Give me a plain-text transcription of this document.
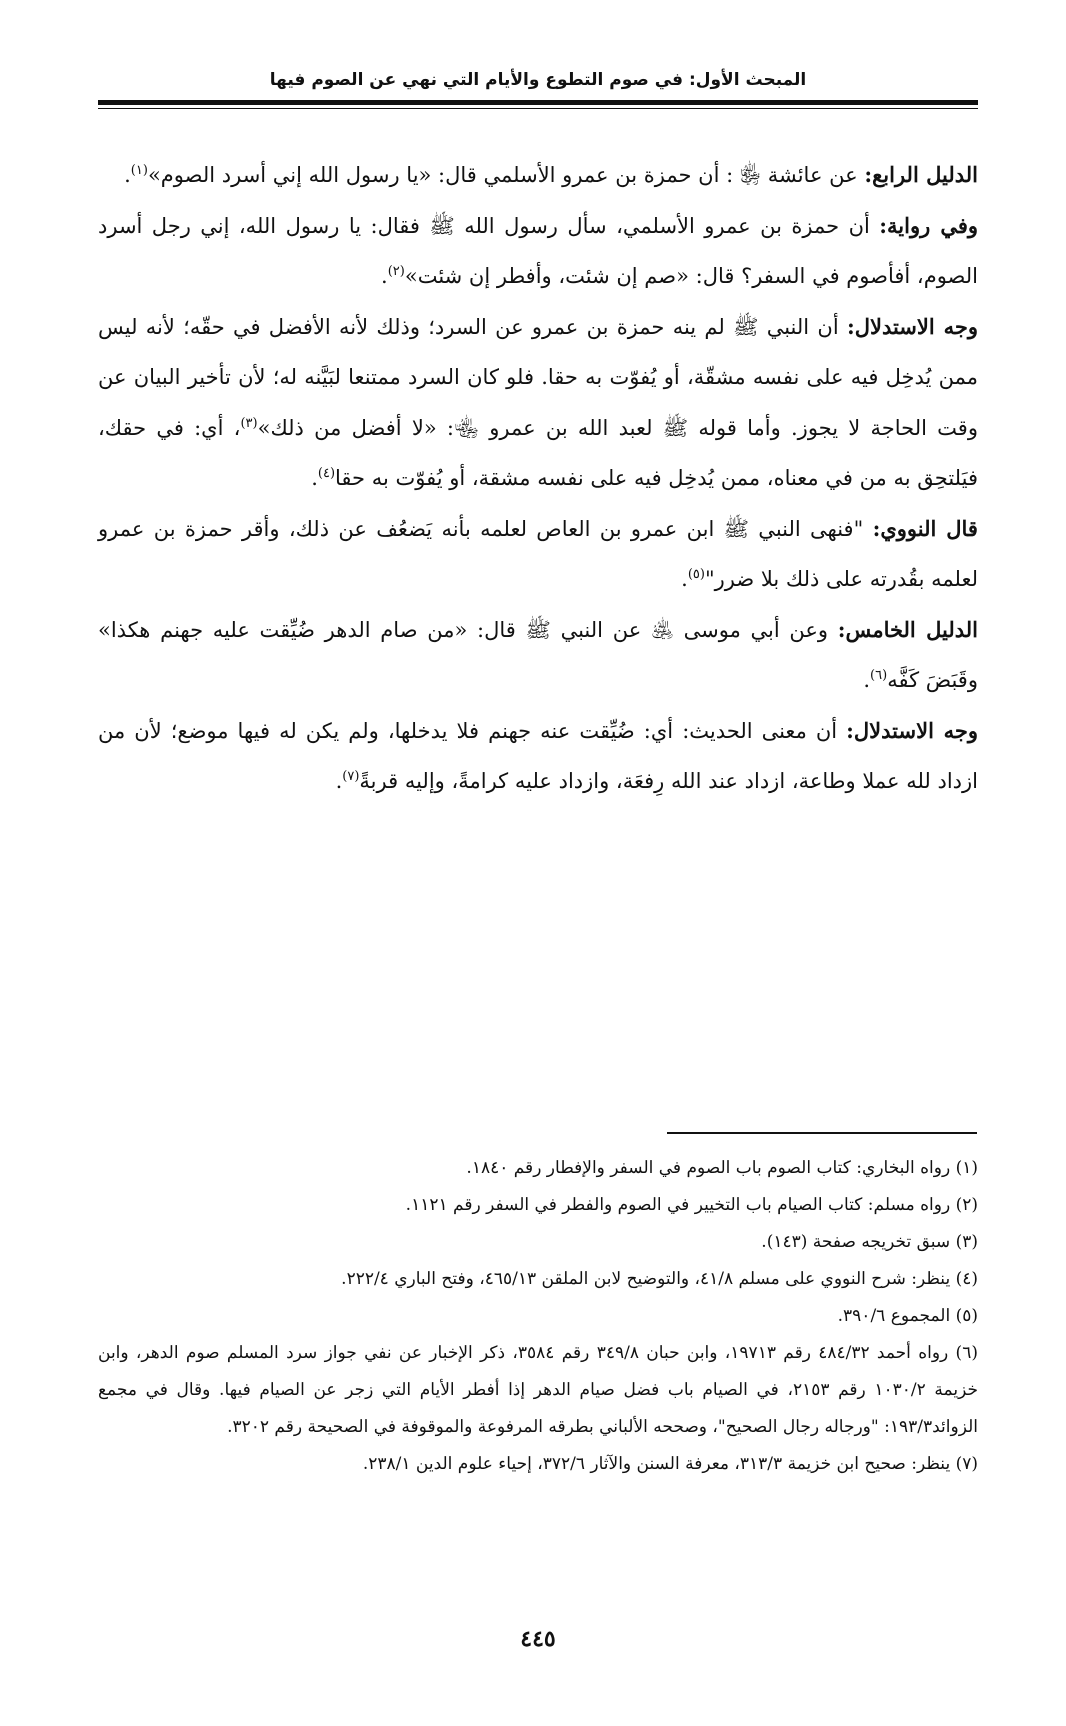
المبحث الأول: في صوم التطوع والأيام التي نهي عن الصوم فيها

الدليل الرابع: عن عائشة ﵂ : أن حمزة بن عمرو الأسلمي قال: «يا رسول الله إني أسرد الصوم»$^{(١)}$.

وفي رواية: أن حمزة بن عمرو الأسلمي، سأل رسول الله ﷺ فقال: يا رسول الله، إني رجل أسرد الصوم، أفأصوم في السفر؟ قال: «صم إن شئت، وأفطر إن شئت»$^{(٢)}$.

وجه الاستدلال: أن النبي ﷺ لم ينه حمزة بن عمرو عن السرد؛ وذلك لأنه الأفضل في حقّه؛ لأنه ليس ممن يُدخِل فيه على نفسه مشقّة، أو يُفوّت به حقا. فلو كان السرد ممتنعا لبَيَّنه له؛ لأن تأخير البيان عن وقت الحاجة لا يجوز. وأما قوله ﷺ لعبد الله بن عمرو ﵄: «لا أفضل من ذلك»$^{(٣)}$، أي: في حقك، فيَلتحِق به من في معناه، ممن يُدخِل فيه على نفسه مشقة، أو يُفوّت به حقا$^{(٤)}$.

قال النووي: "فنهى النبي ﷺ ابن عمرو بن العاص لعلمه بأنه يَضعُف عن ذلك، وأقر حمزة بن عمرو لعلمه بقُدرته على ذلك بلا ضرر"$^{(٥)}$.

الدليل الخامس: وعن أبي موسى ﵁ عن النبي ﷺ قال: «من صام الدهر ضُيِّقت عليه جهنم هكذا» وقَبَضَ كَفَّه$^{(٦)}$.

وجه الاستدلال: أن معنى الحديث: أي: ضُيِّقت عنه جهنم فلا يدخلها، ولم يكن له فيها موضع؛ لأن من ازداد لله عملا وطاعة، ازداد عند الله رِفعَة، وازداد عليه كرامةً، وإليه قربةً$^{(٧)}$.

(١) رواه البخاري: كتاب الصوم باب الصوم في السفر والإفطار رقم ١٨٤٠.

(٢) رواه مسلم: كتاب الصيام باب التخيير في الصوم والفطر في السفر رقم ١١٢١.

(٣) سبق تخريجه صفحة (١٤٣).

(٤) ينظر: شرح النووي على مسلم ٤١/٨، والتوضيح لابن الملقن ٤٦٥/١٣، وفتح الباري ٢٢٢/٤.

(٥) المجموع ٣٩٠/٦.

(٦) رواه أحمد ٤٨٤/٣٢ رقم ١٩٧١٣، وابن حبان ٣٤٩/٨ رقم ٣٥٨٤، ذكر الإخبار عن نفي جواز سرد المسلم صوم الدهر، وابن خزيمة ١٠٣٠/٢ رقم ٢١٥٣، في الصيام باب فضل صيام الدهر إذا أفطر الأيام التي زجر عن الصيام فيها. وقال في مجمع الزوائد١٩٣/٣: "ورجاله رجال الصحيح"، وصححه الألباني بطرقه المرفوعة والموقوفة في الصحيحة رقم ٣٢٠٢.

(٧) ينظر: صحيح ابن خزيمة ٣١٣/٣، معرفة السنن والآثار ٣٧٢/٦، إحياء علوم الدين ٢٣٨/١.

٤٤٥
